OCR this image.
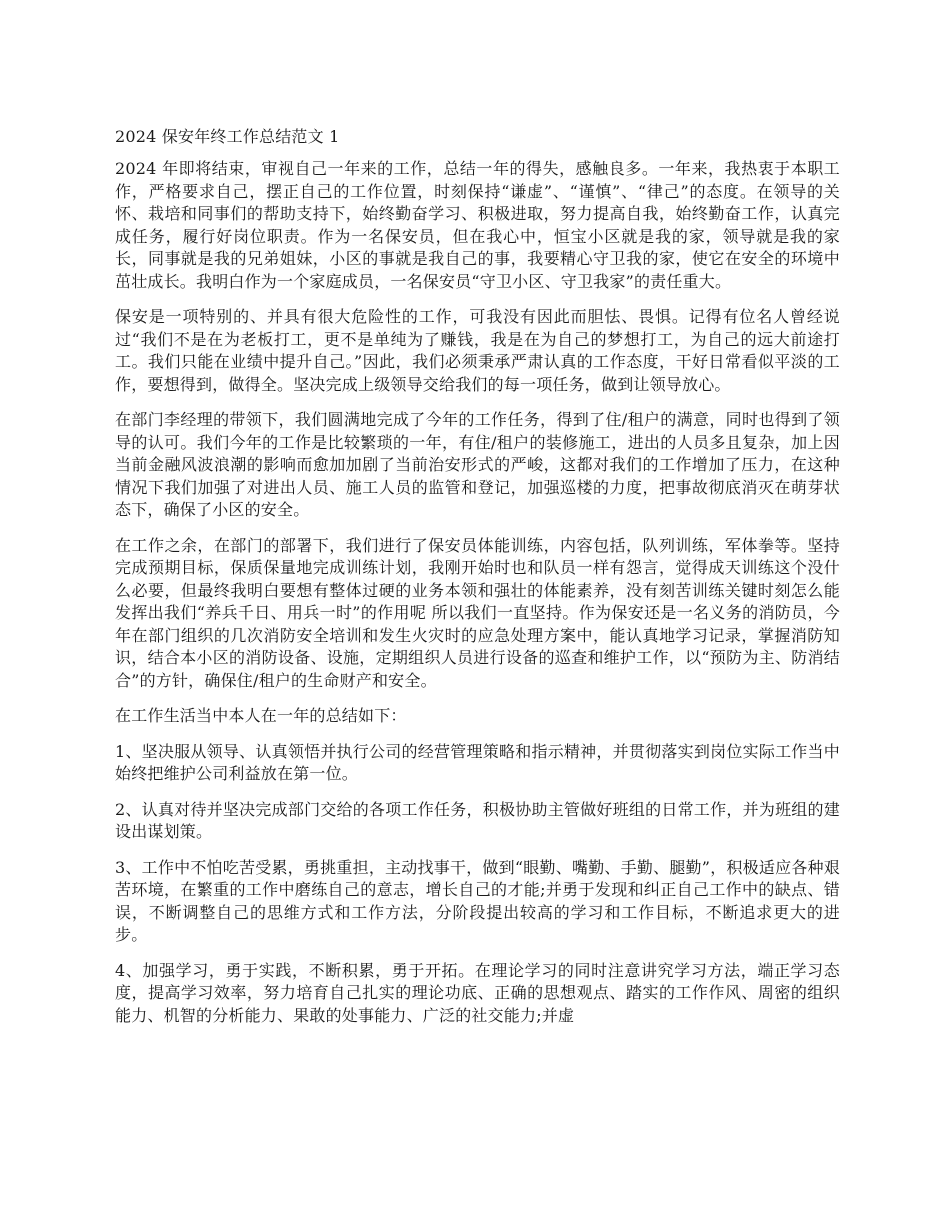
2024 保安年终工作总结范文 1

2024 年即将结束，审视自己一年来的工作，总结一年的得失，感触良多。一年来，我热衷于本职工作，严格要求自己，摆正自己的工作位置，时刻保持“谦虚”、“谨慎”、“律己”的态度。在领导的关怀、栽培和同事们的帮助支持下，始终勤奋学习、积极进取，努力提高自我，始终勤奋工作，认真完成任务，履行好岗位职责。作为一名保安员，但在我心中，恒宝小区就是我的家，领导就是我的家长，同事就是我的兄弟姐妹，小区的事就是我自己的事，我要精心守卫我的家，使它在安全的环境中茁壮成长。我明白作为一个家庭成员，一名保安员“守卫小区、守卫我家”的责任重大。

保安是一项特别的、并具有很大危险性的工作，可我没有因此而胆怯、畏惧。记得有位名人曾经说过“我们不是在为老板打工，更不是单纯为了赚钱，我是在为自己的梦想打工，为自己的远大前途打工。我们只能在业绩中提升自己。”因此，我们必须秉承严肃认真的工作态度，干好日常看似平淡的工作，要想得到，做得全。坚决完成上级领导交给我们的每一项任务，做到让领导放心。

在部门李经理的带领下，我们圆满地完成了今年的工作任务，得到了住/租户的满意，同时也得到了领导的认可。我们今年的工作是比较繁琐的一年，有住/租户的装修施工，进出的人员多且复杂，加上因当前金融风波浪潮的影响而愈加加剧了当前治安形式的严峻，这都对我们的工作增加了压力，在这种情况下我们加强了对进出人员、施工人员的监管和登记，加强巡楼的力度，把事故彻底消灭在萌芽状态下，确保了小区的安全。

在工作之余，在部门的部署下，我们进行了保安员体能训练，内容包括，队列训练，军体拳等。坚持完成预期目标，保质保量地完成训练计划，我刚开始时也和队员一样有怨言，觉得成天训练这个没什么必要，但最终我明白要想有整体过硬的业务本领和强壮的体能素养，没有刻苦训练关键时刻怎么能发挥出我们“养兵千日、用兵一时”的作用呢 所以我们一直坚持。作为保安还是一名义务的消防员，今年在部门组织的几次消防安全培训和发生火灾时的应急处理方案中，能认真地学习记录，掌握消防知识，结合本小区的消防设备、设施，定期组织人员进行设备的巡查和维护工作，以“预防为主、防消结合”的方针，确保住/租户的生命财产和安全。

在工作生活当中本人在一年的总结如下：

1、坚决服从领导、认真领悟并执行公司的经营管理策略和指示精神，并贯彻落实到岗位实际工作当中始终把维护公司利益放在第一位。

2、认真对待并坚决完成部门交给的各项工作任务，积极协助主管做好班组的日常工作，并为班组的建设出谋划策。

3、工作中不怕吃苦受累，勇挑重担，主动找事干，做到“眼勤、嘴勤、手勤、腿勤”，积极适应各种艰苦环境，在繁重的工作中磨练自己的意志，增长自己的才能;并勇于发现和纠正自己工作中的缺点、错误，不断调整自己的思维方式和工作方法，分阶段提出较高的学习和工作目标，不断追求更大的进步。

4、加强学习，勇于实践，不断积累，勇于开拓。在理论学习的同时注意讲究学习方法，端正学习态度，提高学习效率，努力培育自己扎实的理论功底、正确的思想观点、踏实的工作作风、周密的组织能力、机智的分析能力、果敢的处事能力、广泛的社交能力;并虚
